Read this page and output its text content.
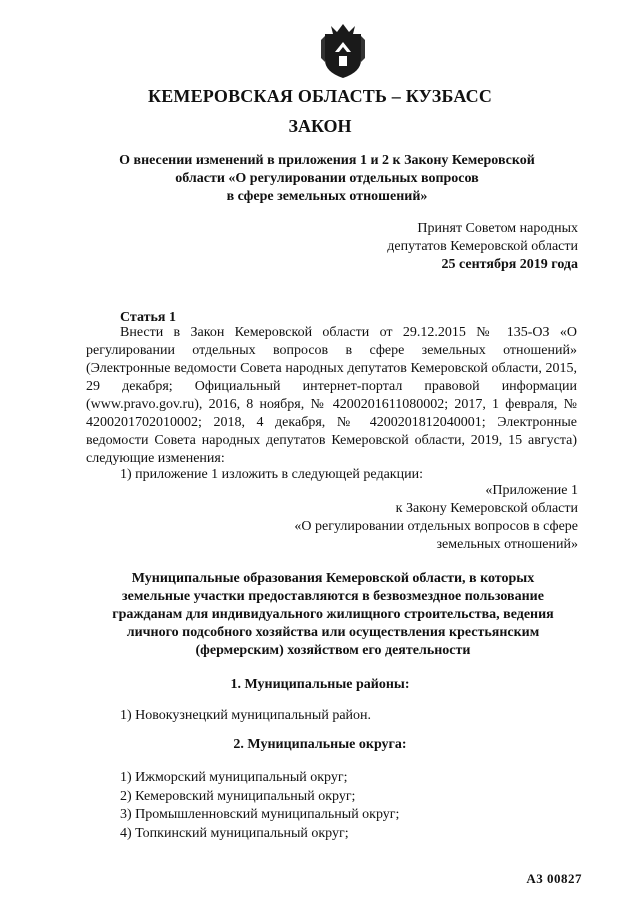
КЕМЕРОВСКАЯ ОБЛАСТЬ – КУЗБАСС
ЗАКОН
О внесении изменений в приложения 1 и 2 к Закону Кемеровской
области «О регулировании отдельных вопросов
в сфере земельных отношений»
Принят Советом народных
депутатов Кемеровской области
25 сентября 2019 года
Статья 1

Внести в Закон Кемеровской области от 29.12.2015 № 135-ОЗ «О регулировании отдельных вопросов в сфере земельных отношений» (Электронные ведомости Совета народных депутатов Кемеровской области, 2015, 29 декабря; Официальный интернет-портал правовой информации (www.pravo.gov.ru), 2016, 8 ноября, № 4200201611080002; 2017, 1 февраля, № 4200201702010002; 2018, 4 декабря, № 4200201812040001; Электронные ведомости Совета народных депутатов Кемеровской области, 2019, 15 августа) следующие изменения:

1) приложение 1 изложить в следующей редакции:
«Приложение 1
к Закону Кемеровской области
«О регулировании отдельных вопросов в сфере
земельных отношений»
Муниципальные образования Кемеровской области, в которых
земельные участки предоставляются в безвозмездное пользование
гражданам для индивидуального жилищного строительства, ведения
личного подсобного хозяйства или осуществления крестьянским
(фермерским) хозяйством его деятельности
1. Муниципальные районы:
1) Новокузнецкий муниципальный район.
2. Муниципальные округа:
1) Ижморский муниципальный округ;
2) Кемеровский муниципальный округ;
3) Промышленновский муниципальный округ;
4) Топкинский муниципальный округ;
А3 00827
